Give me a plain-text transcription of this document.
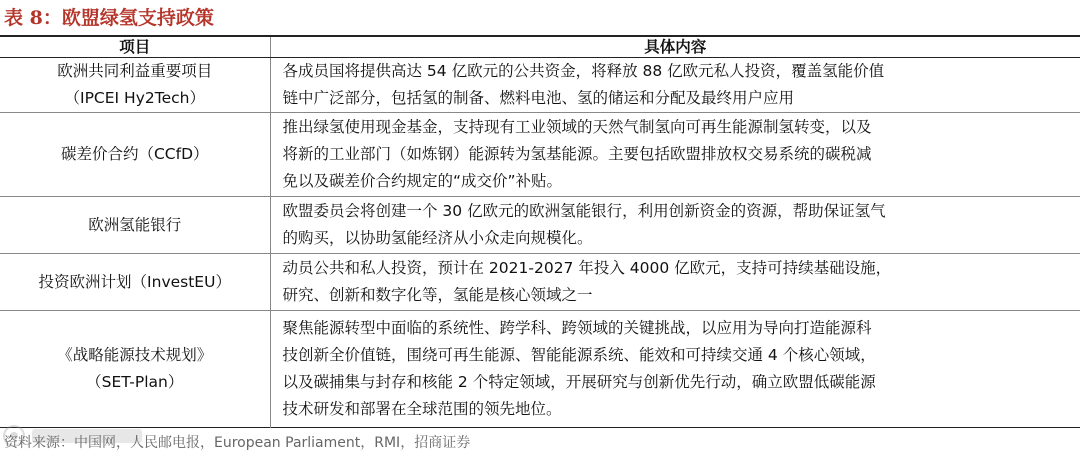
表 8：欧盟绿氢支持政策
项目	具体内容

欧洲共同利益重要项目
（IPCEI Hy2Tech）	各成员国将提供高达 54 亿欧元的公共资金，将释放 88 亿欧元私人投资，覆盖氢能价值
链中广泛部分，包括氢的制备、燃料电池、氢的储运和分配及最终用户应用

碳差价合约（CCfD）	推出绿氢使用现金基金，支持现有工业领域的天然气制氢向可再生能源制氢转变，以及
将新的工业部门（如炼钢）能源转为氢基能源。主要包括欧盟排放权交易系统的碳税减
免以及碳差价合约规定的“成交价”补贴。

欧洲氢能银行	欧盟委员会将创建一个 30 亿欧元的欧洲氢能银行，利用创新资金的资源，帮助保证氢气
的购买，以协助氢能经济从小众走向规模化。

投资欧洲计划（InvestEU）	动员公共和私人投资，预计在 2021-2027 年投入 4000 亿欧元，支持可持续基础设施，
研究、创新和数字化等，氢能是核心领域之一

《战略能源技术规划》
（SET-Plan）	聚焦能源转型中面临的系统性、跨学科、跨领域的关键挑战，以应用为导向打造能源科
技创新全价值链，围绕可再生能源、智能能源系统、能效和可持续交通 4 个核心领域，
以及碳捕集与封存和核能 2 个特定领域，开展研究与创新优先行动，确立欧盟低碳能源
技术研发和部署在全球范围的领先地位。
资料来源：中国网，人民邮电报，European Parliament，RMI，招商证券
